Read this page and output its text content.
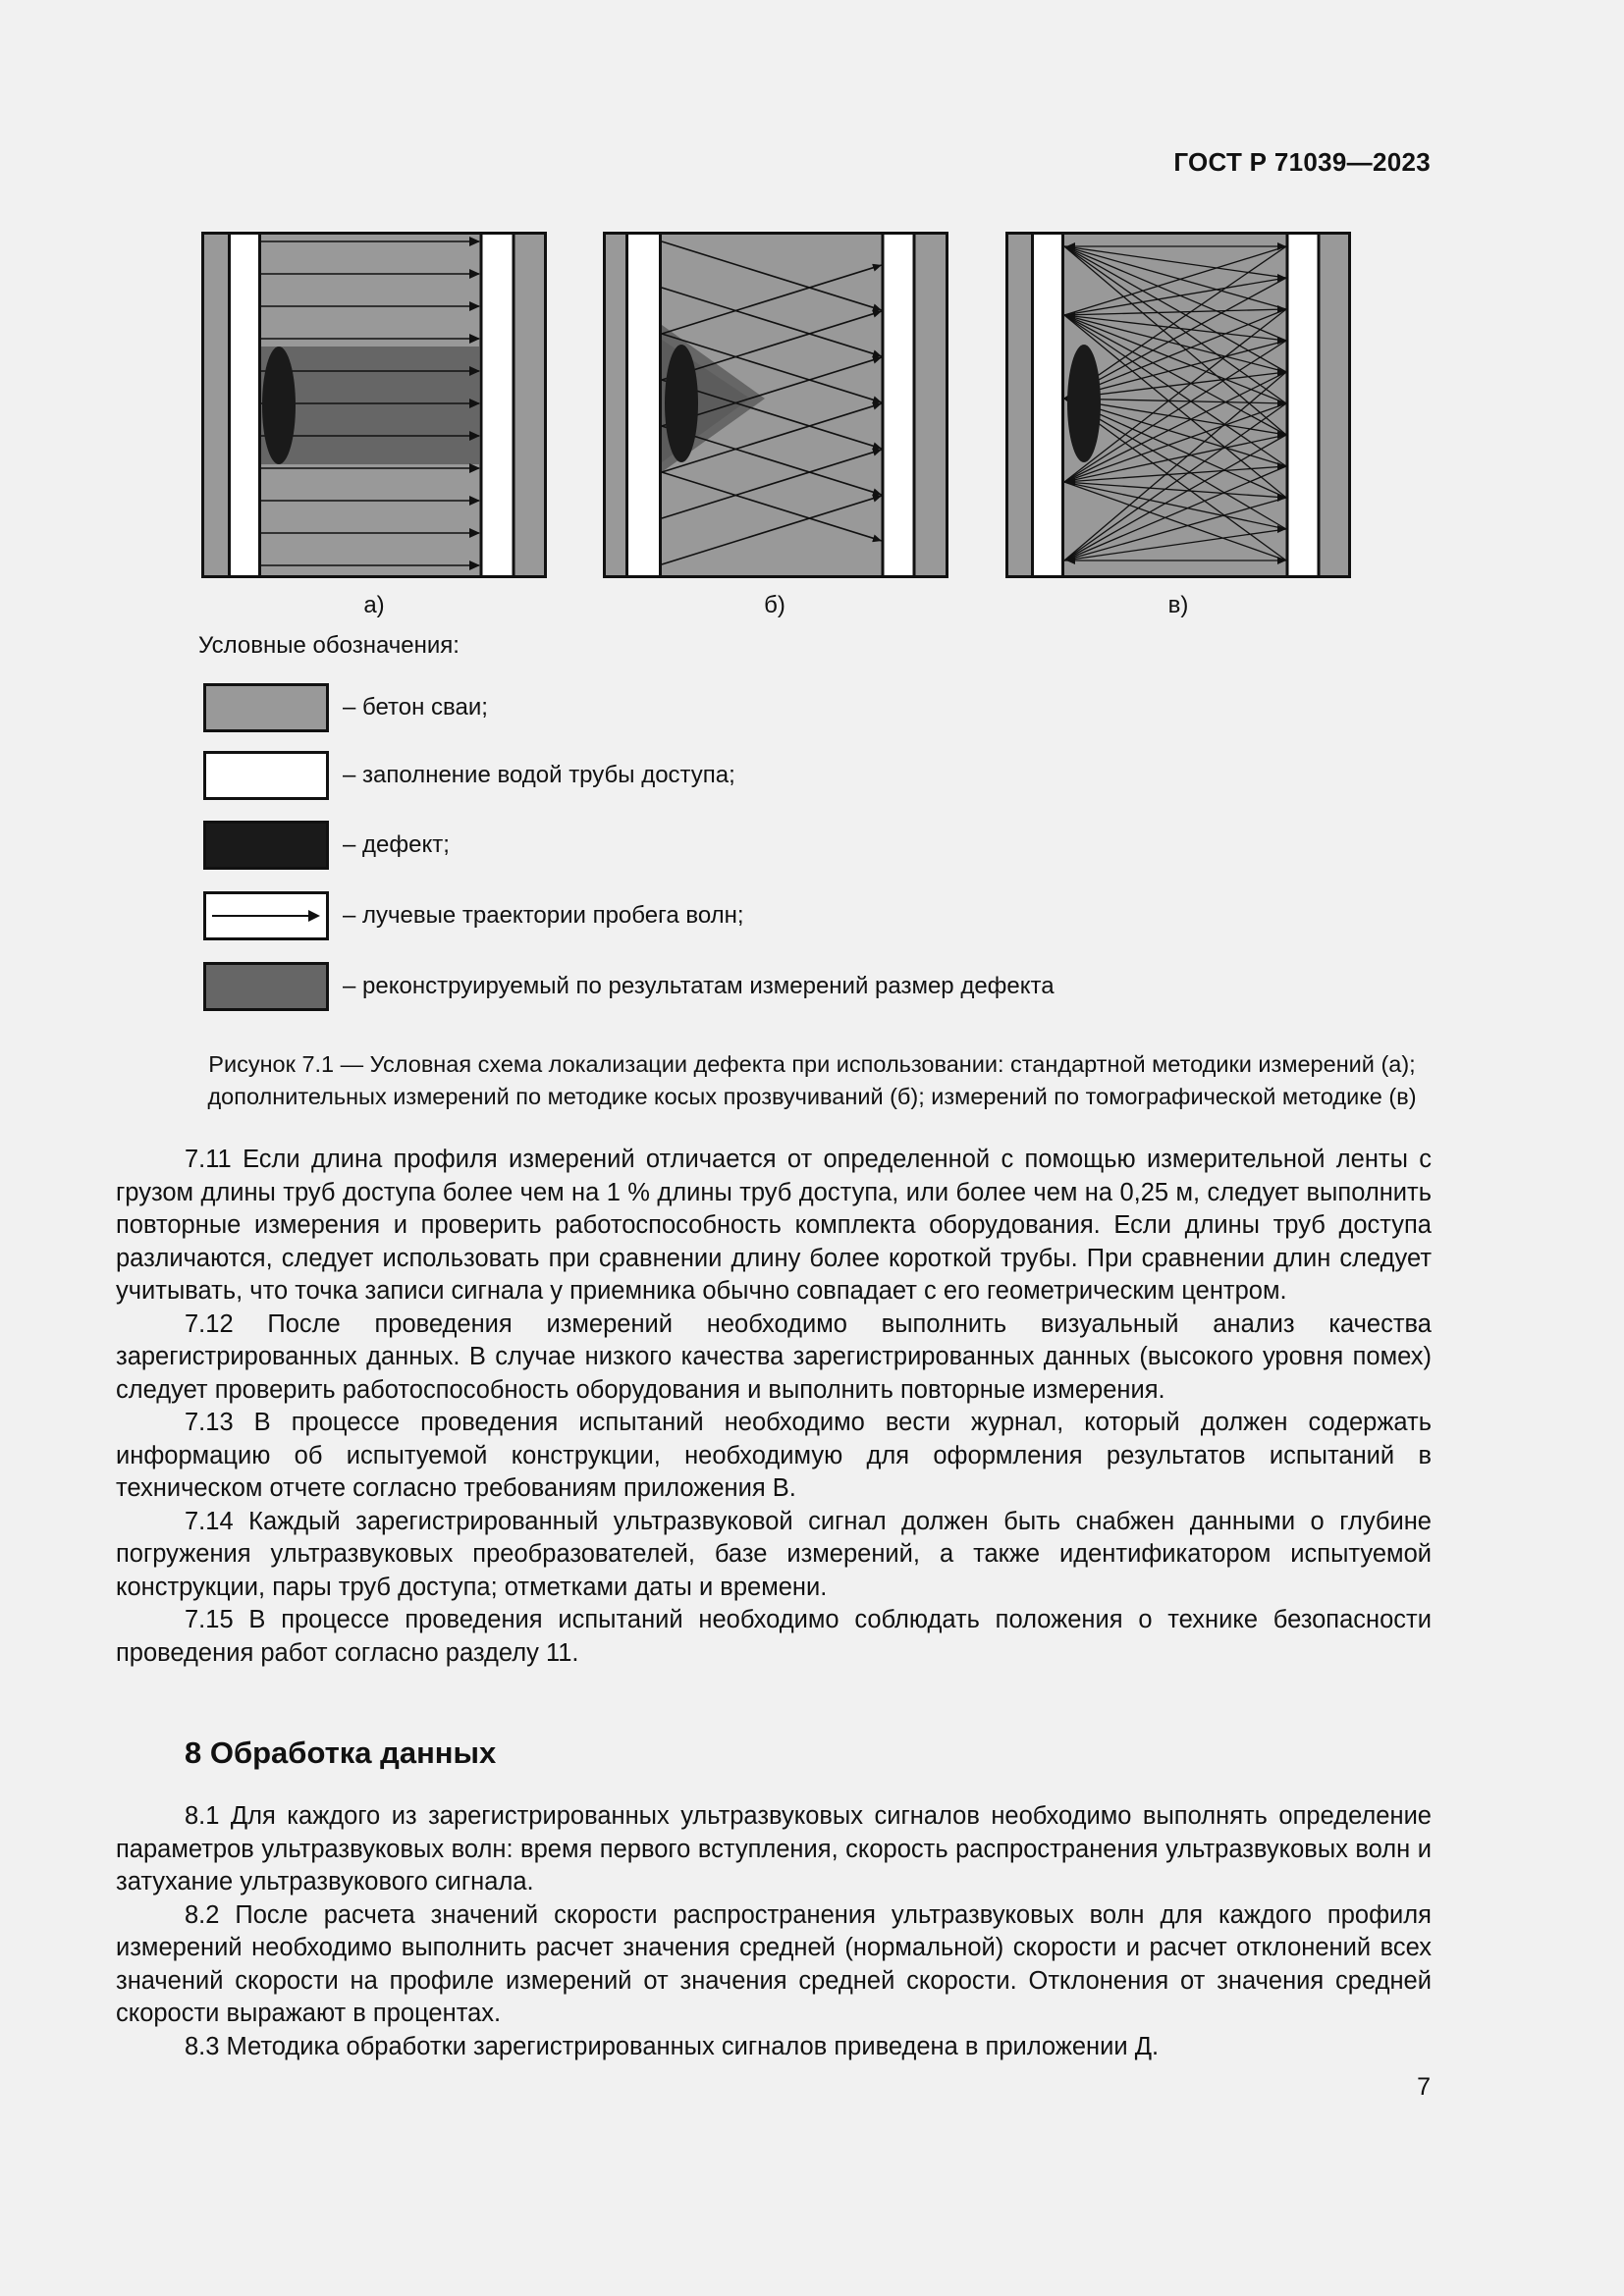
ГОСТ Р 71039—2023
а)	б)	в)
Условные обозначения:
– бетон сваи;
– заполнение водой трубы доступа;
– дефект;
– лучевые траектории пробега волн;
– реконструируемый по результатам измерений размер дефекта
Рисунок 7.1 — Условная схема локализации дефекта при использовании: стандартной методики измерений (а);
дополнительных измерений по методике косых прозвучиваний (б); измерений по томографической методике (в)

7.11 Если длина профиля измерений отличается от определенной с помощью измерительной ленты с грузом длины труб доступа более чем на 1 % длины труб доступа, или более чем на 0,25 м, следует выполнить повторные измерения и проверить работоспособность комплекта оборудования. Если длины труб доступа различаются, следует использовать при сравнении длину более короткой трубы. При сравнении длин следует учитывать, что точка записи сигнала у приемника обычно совпадает с его геометрическим центром.

7.12 После проведения измерений необходимо выполнить визуальный анализ качества зарегистрированных данных. В случае низкого качества зарегистрированных данных (высокого уровня помех) следует проверить работоспособность оборудования и выполнить повторные измерения.

7.13 В процессе проведения испытаний необходимо вести журнал, который должен содержать информацию об испытуемой конструкции, необходимую для оформления результатов испытаний в техническом отчете согласно требованиям приложения В.

7.14 Каждый зарегистрированный ультразвуковой сигнал должен быть снабжен данными о глубине погружения ультразвуковых преобразователей, базе измерений, а также идентификатором испытуемой конструкции, пары труб доступа; отметками даты и времени.

7.15 В процессе проведения испытаний необходимо соблюдать положения о технике безопасности проведения работ согласно разделу 11.

8 Обработка данных

8.1 Для каждого из зарегистрированных ультразвуковых сигналов необходимо выполнять определение параметров ультразвуковых волн: время первого вступления, скорость распространения ультразвуковых волн и затухание ультразвукового сигнала.

8.2 После расчета значений скорости распространения ультразвуковых волн для каждого профиля измерений необходимо выполнить расчет значения средней (нормальной) скорости и расчет отклонений всех значений скорости на профиле измерений от значения средней скорости. Отклонения от значения средней скорости выражают в процентах.

8.3 Методика обработки зарегистрированных сигналов приведена в приложении Д.

7
